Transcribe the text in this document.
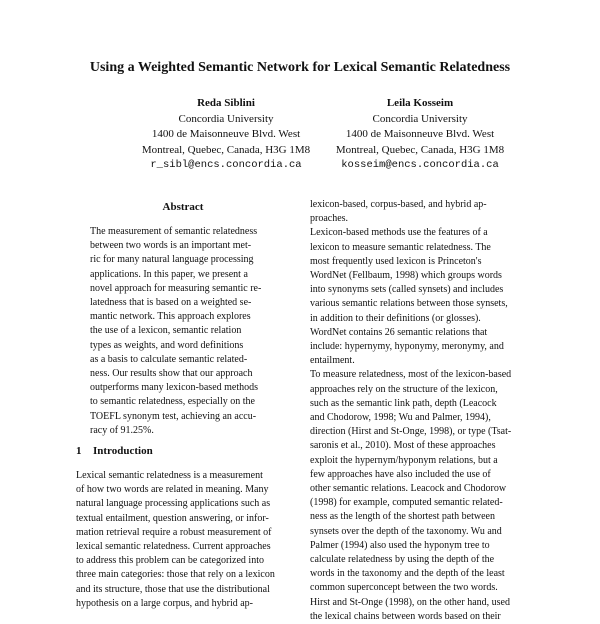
Using a Weighted Semantic Network for Lexical Semantic Relatedness
Reda Siblini
Concordia University
1400 de Maisonneuve Blvd. West
Montreal, Quebec, Canada, H3G 1M8
r_sibl@encs.concordia.ca
Leila Kosseim
Concordia University
1400 de Maisonneuve Blvd. West
Montreal, Quebec, Canada, H3G 1M8
kosseim@encs.concordia.ca
Abstract
The measurement of semantic relatedness
between two words is an important met-
ric for many natural language processing
applications. In this paper, we present a
novel approach for measuring semantic re-
latedness that is based on a weighted se-
mantic network. This approach explores
the use of a lexicon, semantic relation
types as weights, and word definitions
as a basis to calculate semantic related-
ness. Our results show that our approach
outperforms many lexicon-based methods
to semantic relatedness, especially on the
TOEFL synonym test, achieving an accu-
racy of 91.25%.
1 Introduction
Lexical semantic relatedness is a measurement
of how two words are related in meaning. Many
natural language processing applications such as
textual entailment, question answering, or infor-
mation retrieval require a robust measurement of
lexical semantic relatedness. Current approaches
to address this problem can be categorized into
three main categories: those that rely on a lexicon
and its structure, those that use the distributional
hypothesis on a large corpus, and hybrid ap-
lexicon-based, corpus-based, and hybrid ap-
proaches.
Lexicon-based methods use the features of a
lexicon to measure semantic relatedness. The
most frequently used lexicon is Princeton's
WordNet (Fellbaum, 1998) which groups words
into synonyms sets (called synsets) and includes
various semantic relations between those synsets,
in addition to their definitions (or glosses).
WordNet contains 26 semantic relations that
include: hypernymy, hyponymy, meronymy, and
entailment.
To measure relatedness, most of the lexicon-based
approaches rely on the structure of the lexicon,
such as the semantic link path, depth (Leacock
and Chodorow, 1998; Wu and Palmer, 1994),
direction (Hirst and St-Onge, 1998), or type (Tsat-
saronis et al., 2010). Most of these approaches
exploit the hypernym/hyponym relations, but a
few approaches have also included the use of
other semantic relations. Leacock and Chodorow
(1998) for example, computed semantic related-
ness as the length of the shortest path between
synsets over the depth of the taxonomy. Wu and
Palmer (1994) also used the hyponym tree to
calculate relatedness by using the depth of the
words in the taxonomy and the depth of the least
common superconcept between the two words.
Hirst and St-Onge (1998), on the other hand, used
the lexical chains between words based on their
